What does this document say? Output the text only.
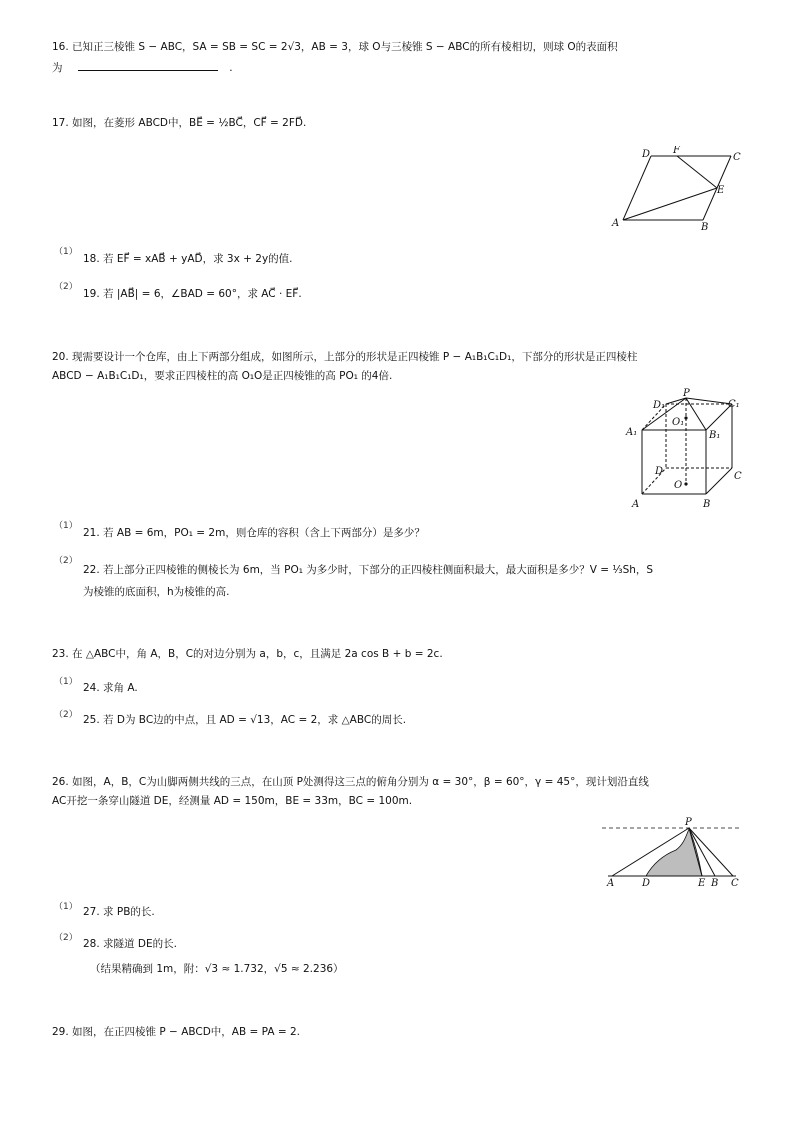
16. 已知正三棱锥 S − ABC，SA = SB = SC = 2√3，AB = 3，球 O与三棱锥 S − ABC的所有棱相切，则球 O的表面积
为	.
17. 如图，在菱形 ABCD中，BE⃗ = ½BC⃗，CF⃗ = 2FD⃗.
D F
C
E
A	B
（1）
18. 若 EF⃗ = xAB⃗ + yAD⃗，求 3x + 2y的值.
（2）
19. 若 |AB⃗| = 6，∠BAD = 60°，求 AC⃗ · EF⃗.
20. 现需要设计一个仓库，由上下两部分组成，如图所示，上部分的形状是正四棱锥 P − A₁B₁C₁D₁，下部分的形状是正四棱柱
ABCD − A₁B₁C₁D₁，要求正四棱柱的高 O₁O是正四棱锥的高 PO₁ 的4倍.
P
D₁	C₁
O₁
A₁	B₁
D	C
O
A	B
（1）
21. 若 AB = 6m，PO₁ = 2m，则仓库的容积（含上下两部分）是多少？
（2）
22. 若上部分正四棱锥的侧棱长为 6m，当 PO₁ 为多少时，下部分的正四棱柱侧面积最大，最大面积是多少？V = ⅓Sh，S
为棱锥的底面积，h为棱锥的高.
23. 在 △ABC中，角 A，B，C的对边分别为 a，b，c，且满足 2a cos B + b = 2c.
（1） 24. 求角 A.
（2） 25. 若 D为 BC边的中点，且 AD = √13，AC = 2，求 △ABC的周长.
26. 如图，A，B，C为山脚两侧共线的三点，在山顶 P处测得这三点的俯角分别为 α = 30°，β = 60°，γ = 45°，现计划沿直线
AC开挖一条穿山隧道 DE，经测量 AD = 150m，BE = 33m，BC = 100m.
P
A	D	E B C
（1） 27. 求 PB的长.
（2） 28. 求隧道 DE的长.
（结果精确到 1m，附：√3 ≈ 1.732，√5 ≈ 2.236）
29. 如图，在正四棱锥 P − ABCD中，AB = PA = 2.
